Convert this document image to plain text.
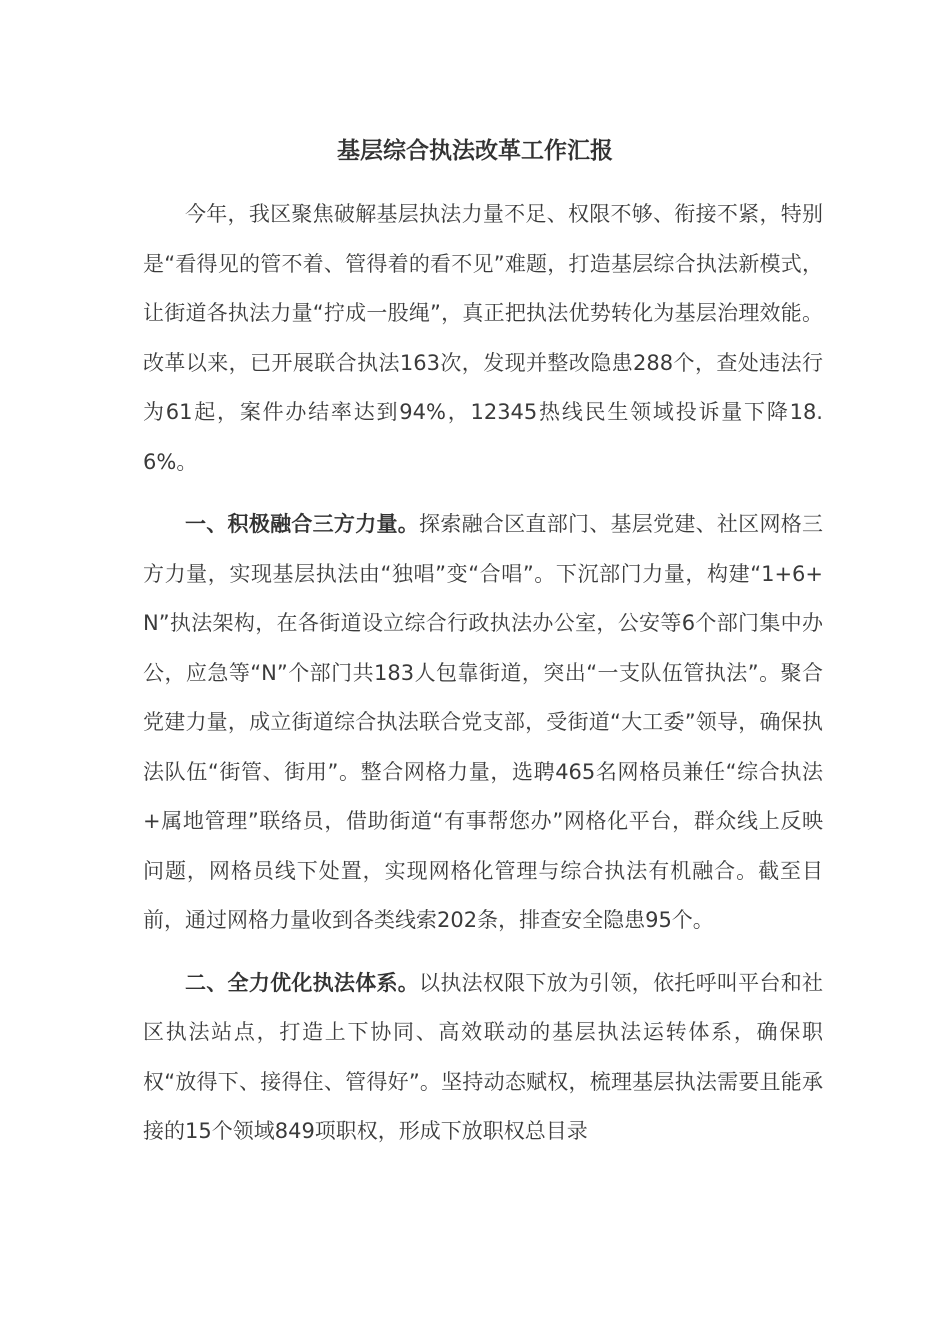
基层综合执法改革工作汇报

今年，我区聚焦破解基层执法力量不足、权限不够、衔接不紧，特别是“看得见的管不着、管得着的看不见”难题，打造基层综合执法新模式，让街道各执法力量“拧成一股绳”，真正把执法优势转化为基层治理效能。改革以来，已开展联合执法163次，发现并整改隐患288个，查处违法行为61起，案件办结率达到94%，12345热线民生领域投诉量下降18.6%。

一、积极融合三方力量。探索融合区直部门、基层党建、社区网格三方力量，实现基层执法由“独唱”变“合唱”。下沉部门力量，构建“1+6+N”执法架构，在各街道设立综合行政执法办公室，公安等6个部门集中办公，应急等“N”个部门共183人包靠街道，突出“一支队伍管执法”。聚合党建力量，成立街道综合执法联合党支部，受街道“大工委”领导，确保执法队伍“街管、街用”。整合网格力量，选聘465名网格员兼任“综合执法+属地管理”联络员，借助街道“有事帮您办”网格化平台，群众线上反映问题，网格员线下处置，实现网格化管理与综合执法有机融合。截至目前，通过网格力量收到各类线索202条，排查安全隐患95个。

二、全力优化执法体系。以执法权限下放为引领，依托呼叫平台和社区执法站点，打造上下协同、高效联动的基层执法运转体系，确保职权“放得下、接得住、管得好”。坚持动态赋权，梳理基层执法需要且能承接的15个领域849项职权，形成下放职权总目录
